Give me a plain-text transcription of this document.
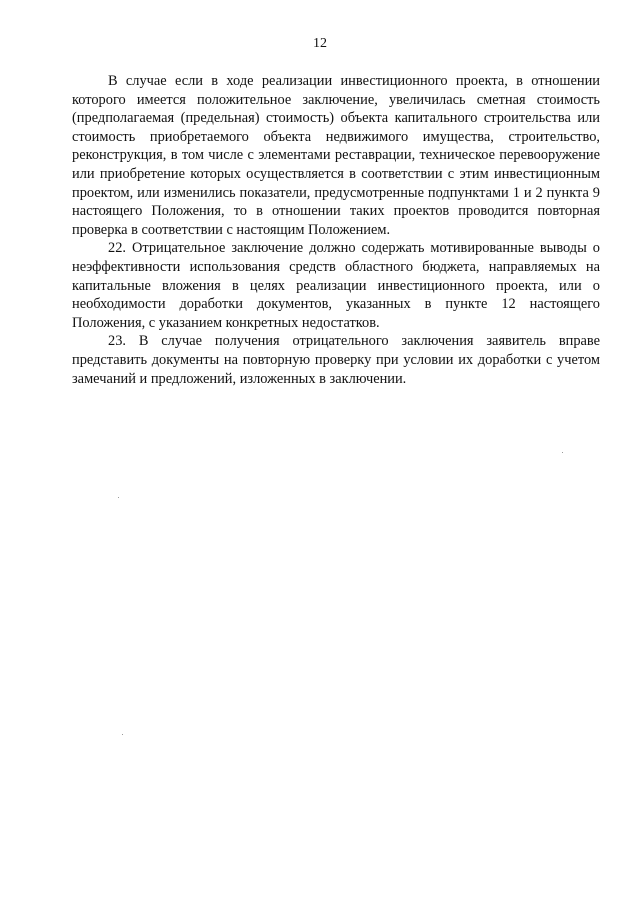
12

В случае если в ходе реализации инвестиционного проекта, в отношении которого имеется положительное заключение, увеличилась сметная стоимость (предполагаемая (предельная) стоимость) объекта капитального строительства или стоимость приобретаемого объекта недвижимого имущества, строительство, реконструкция, в том числе с элементами реставрации, техническое перевооружение или приобретение которых осуществляется в соответствии с этим инвестиционным проектом, или изменились показатели, предусмотренные подпунктами 1 и 2 пункта 9 настоящего Положения, то в отношении таких проектов проводится повторная проверка в соответствии с настоящим Положением.

22. Отрицательное заключение должно содержать мотивированные выводы о неэффективности использования средств областного бюджета, направляемых на капитальные вложения в целях реализации инвестиционного проекта, или о необходимости доработки документов, указанных в пункте 12 настоящего Положения, с указанием конкретных недостатков.

23. В случае получения отрицательного заключения заявитель вправе представить документы на повторную проверку при условии их доработки с учетом замечаний и предложений, изложенных в заключении.
